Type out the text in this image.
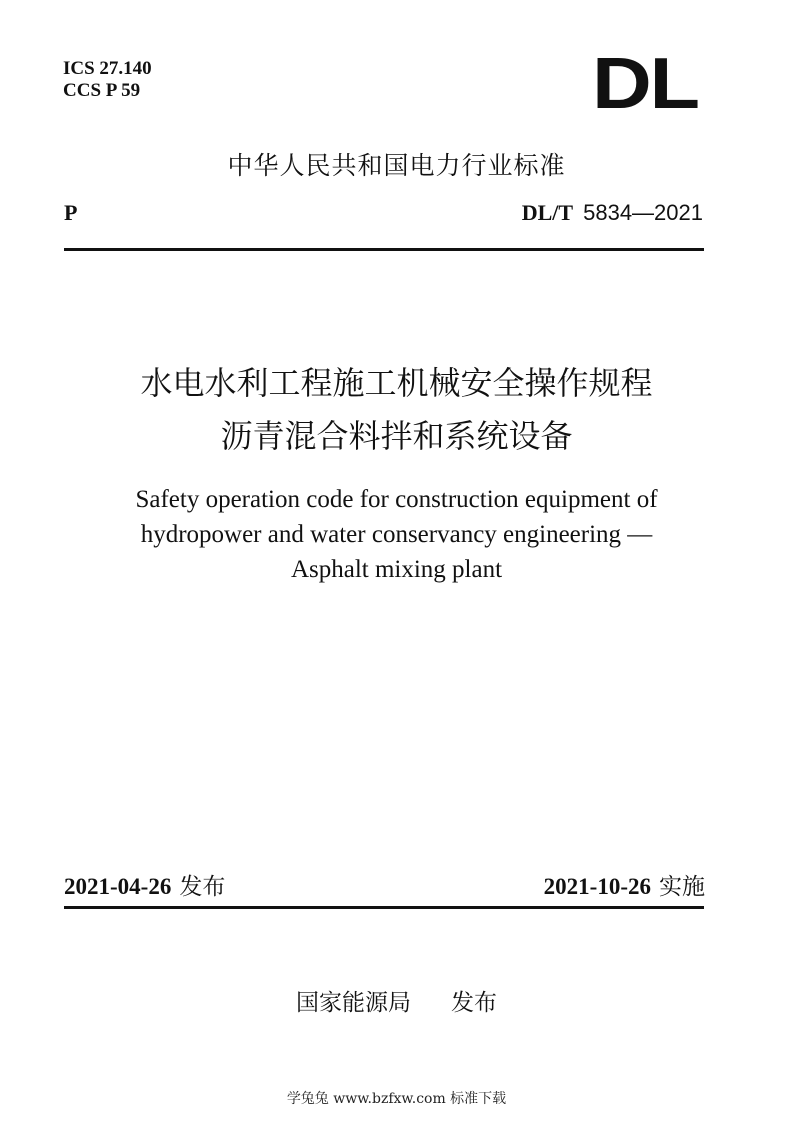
ICS 27.140
CCS P 59	DL
中华人民共和国电力行业标准
P	DL/T 5834—2021
水电水利工程施工机械安全操作规程
沥青混合料拌和系统设备
Safety operation code for construction equipment of
hydropower and water conservancy engineering —
Asphalt mixing plant
2021-04-26 发布	2021-10-26 实施
国家能源局 发布
学兔兔 www.bzfxw.com 标准下载
